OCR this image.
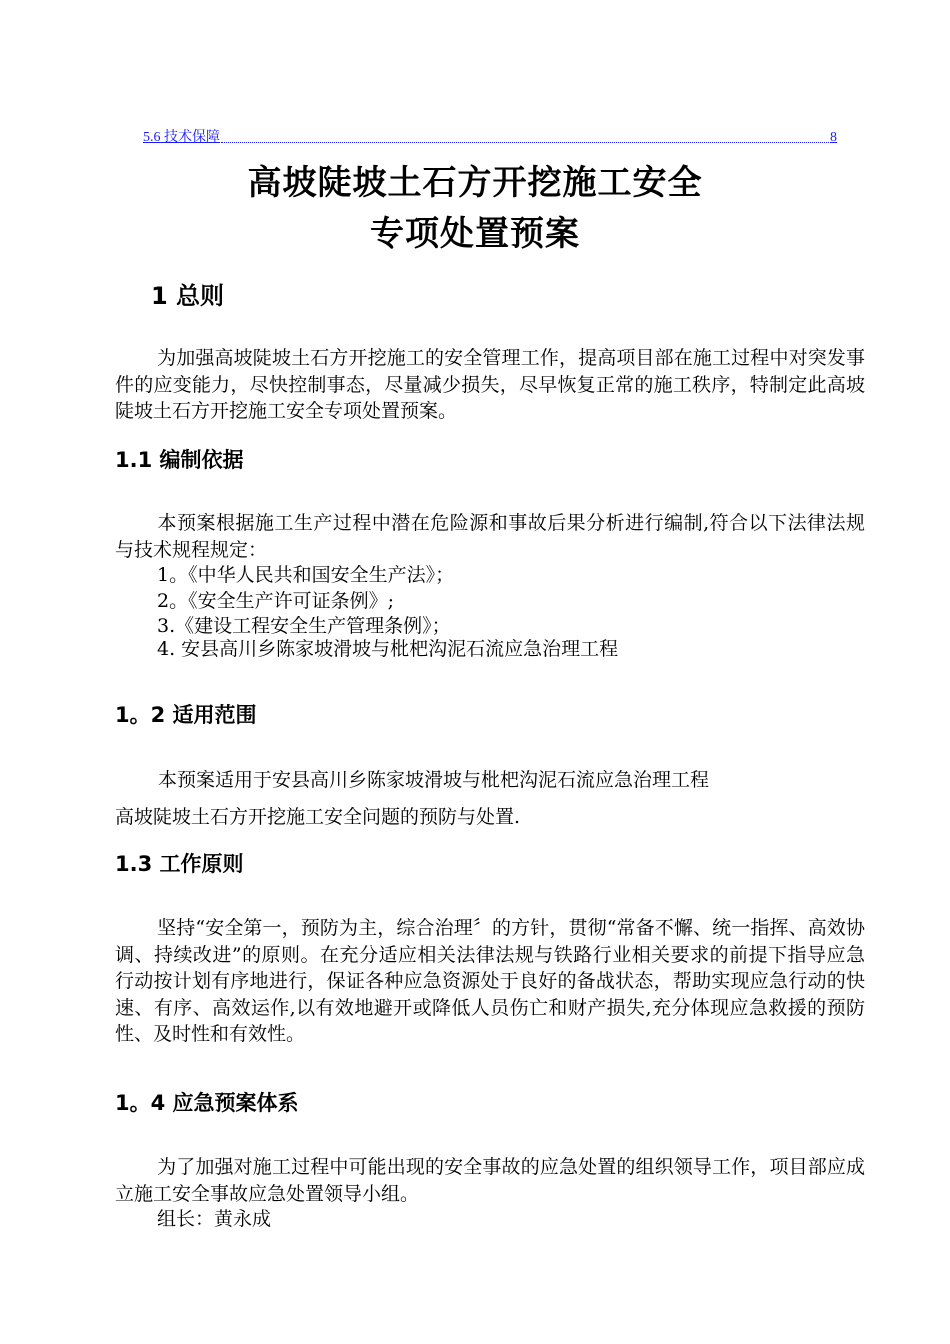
5.6 技术保障	8
高坡陡坡土石方开挖施工安全
专项处置预案
1 总则
为加强高坡陡坡土石方开挖施工的安全管理工作，提高项目部在施工过程中对突发事件的应变能力，尽快控制事态，尽量减少损失，尽早恢复正常的施工秩序，特制定此高坡陡坡土石方开挖施工安全专项处置预案。
1.1 编制依据
本预案根据施工生产过程中潜在危险源和事故后果分析进行编制,符合以下法律法规与技术规程规定：
1。《中华人民共和国安全生产法》；
2。《安全生产许可证条例》;
3.《建设工程安全生产管理条例》；
4. 安县高川乡陈家坡滑坡与枇杷沟泥石流应急治理工程
1。2 适用范围
本预案适用于安县高川乡陈家坡滑坡与枇杷沟泥石流应急治理工程
高坡陡坡土石方开挖施工安全问题的预防与处置.
1.3 工作原则
坚持“安全第一，预防为主，综合治理〞的方针，贯彻“常备不懈、统一指挥、高效协调、持续改进”的原则。在充分适应相关法律法规与铁路行业相关要求的前提下指导应急行动按计划有序地进行，保证各种应急资源处于良好的备战状态，帮助实现应急行动的快速、有序、高效运作,以有效地避开或降低人员伤亡和财产损失,充分体现应急救援的预防性、及时性和有效性。
1。4 应急预案体系
为了加强对施工过程中可能出现的安全事故的应急处置的组织领导工作，项目部应成立施工安全事故应急处置领导小组。
组长：黄永成
